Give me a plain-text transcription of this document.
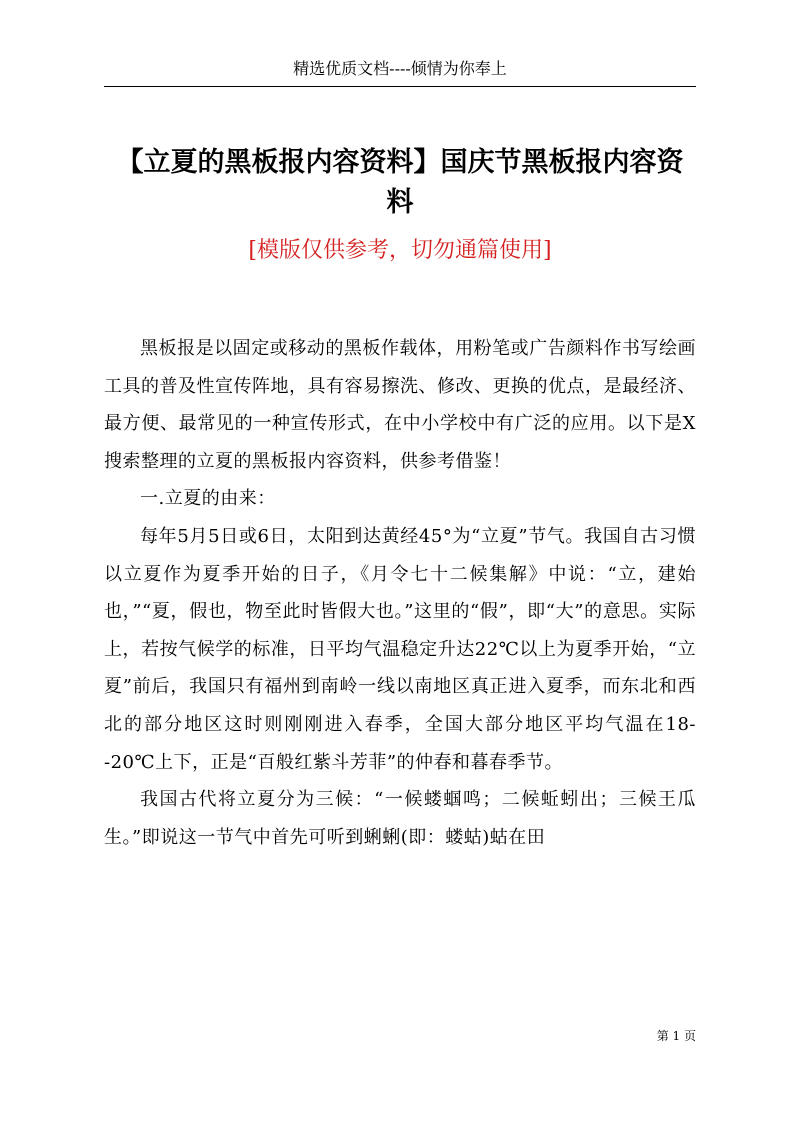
精选优质文档----倾情为你奉上
【立夏的黑板报内容资料】国庆节黑板报内容资料
[模版仅供参考，切勿通篇使用]

黑板报是以固定或移动的黑板作载体，用粉笔或广告颜料作书写绘画工具的普及性宣传阵地，具有容易擦洗、修改、更换的优点，是最经济、最方便、最常见的一种宣传形式，在中小学校中有广泛的应用。以下是X搜索整理的立夏的黑板报内容资料，供参考借鉴！

一.立夏的由来：

每年5月5日或6日，太阳到达黄经45°为“立夏”节气。我国自古习惯以立夏作为夏季开始的日子，《月令七十二候集解》中说：“立，建始也，”“夏，假也，物至此时皆假大也。”这里的“假”，即“大”的意思。实际上，若按气候学的标准，日平均气温稳定升达22℃以上为夏季开始，“立夏”前后，我国只有福州到南岭一线以南地区真正进入夏季，而东北和西北的部分地区这时则刚刚进入春季，全国大部分地区平均气温在18--20℃上下，正是“百般红紫斗芳菲”的仲春和暮春季节。

我国古代将立夏分为三候：“一候蝼蝈鸣；二候蚯蚓出；三候王瓜生。”即说这一节气中首先可听到蜊蜊(即：蝼蛄)蛄在田

第 1 页
